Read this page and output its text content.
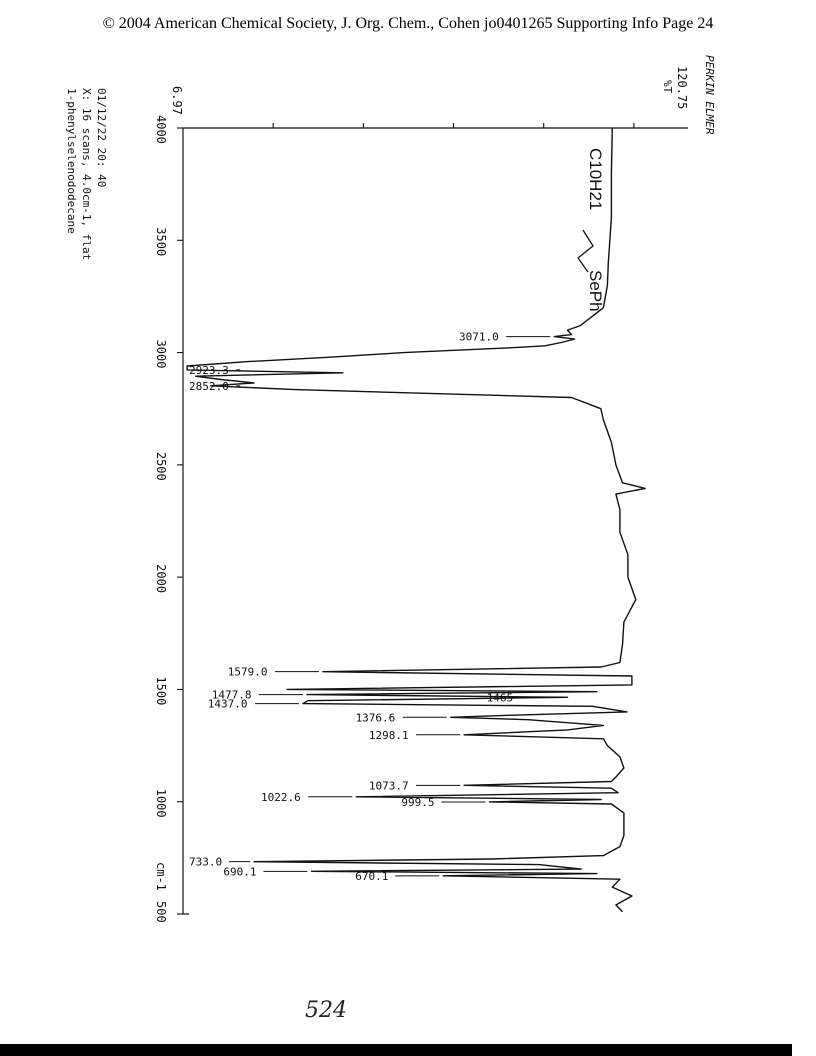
© 2004 American Chemical Society, J. Org. Chem., Cohen jo0401265 Supporting Info Page 24
4000
3500
3000
2500
2000
1500
1000
500
3071.0
2923.3
2852.0
1579.0
1477.8	1465
1437.0
1376.6
1298.1
1073.7
1022.6	999.5
733.0
690.1	670.1
PERKIN ELMER
120.75
%T
6.97
01/12/22 20: 40
X: 16 scans, 4.0cm-1, flat
1-phenylselenododecane
cm-1
C10H21
SePh
524
